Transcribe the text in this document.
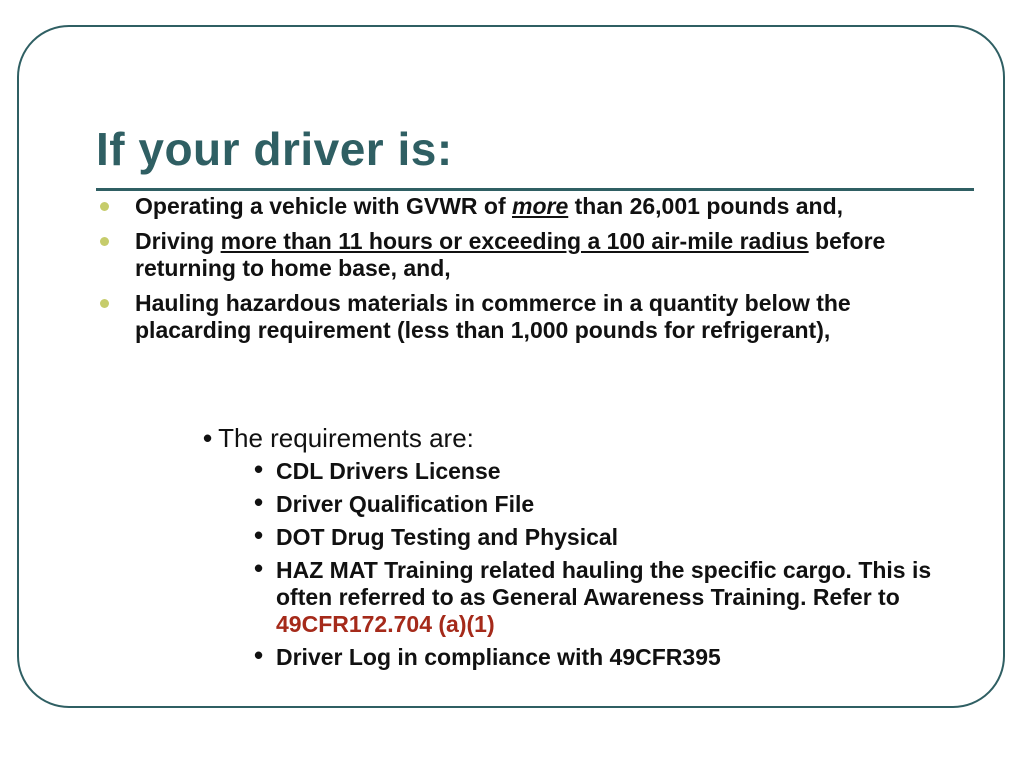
If your driver is:
Operating a vehicle with GVWR of more than 26,001 pounds and,
Driving more than 11 hours or exceeding a 100 air-mile radius before returning to home base, and,
Hauling hazardous materials in commerce in a quantity below the placarding requirement (less than 1,000 pounds for refrigerant),
• The requirements are:
• CDL Drivers License
• Driver Qualification File
• DOT Drug Testing and Physical
• HAZ MAT Training related hauling the specific cargo. This is often referred to as General Awareness Training. Refer to 49CFR172.704 (a)(1)
• Driver Log in compliance with 49CFR395
